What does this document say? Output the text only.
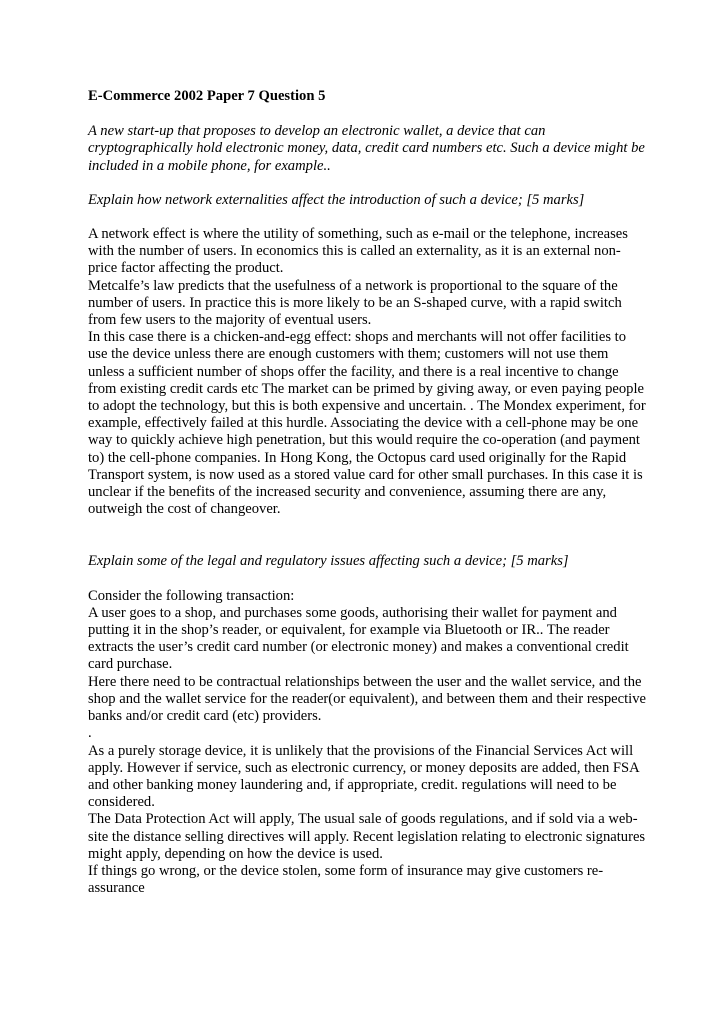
E-Commerce 2002 Paper 7 Question 5

A new start-up that proposes to develop an electronic wallet, a device that can cryptographically hold electronic money, data, credit card numbers etc. Such a device might be included in a mobile phone, for example..

Explain how network externalities affect the introduction of such a device; [5 marks]

A network effect is where the utility of something, such as e-mail or the telephone, increases with the number of users. In economics this is called an externality, as it is an external non-price factor affecting the product.

Metcalfe’s law predicts that the usefulness of a network is proportional to the square of the number of users. In practice this is more likely to be an S-shaped curve, with a rapid switch from few users to the majority of eventual users.

In this case there is a chicken-and-egg effect: shops and merchants will not offer facilities to use the device unless there are enough customers with them; customers will not use them unless a sufficient number of shops offer the facility, and there is a real incentive to change from existing credit cards etc The market can be primed by giving away, or even paying people to adopt the technology, but this is both expensive and uncertain. . The Mondex experiment, for example, effectively failed at this hurdle. Associating the device with a cell-phone may be one way to quickly achieve high penetration, but this would require the co-operation (and payment to) the cell-phone companies. In Hong Kong, the Octopus card used originally for the Rapid Transport system, is now used as a stored value card for other small purchases. In this case it is unclear if the benefits of the increased security and convenience, assuming there are any, outweigh the cost of changeover.

Explain some of the legal and regulatory issues affecting such a device; [5 marks]

Consider the following transaction:

A user goes to a shop, and purchases some goods, authorising their wallet for payment and putting it in the shop’s reader, or equivalent, for example via Bluetooth or IR.. The reader extracts the user’s credit card number (or electronic money) and makes a conventional credit card purchase.

Here there need to be contractual relationships between the user and the wallet service, and the shop and the wallet service for the reader(or equivalent), and between them and their respective banks and/or credit card (etc) providers.

.

As a purely storage device, it is unlikely that the provisions of the Financial Services Act will apply. However if service, such as electronic currency, or money deposits are added, then FSA and other banking money laundering and, if appropriate, credit. regulations will need to be considered.

The Data Protection Act will apply, The usual sale of goods regulations, and if sold via a web-site the distance selling directives will apply. Recent legislation relating to electronic signatures might apply, depending on how the device is used.

If things go wrong, or the device stolen, some form of insurance may give customers re-assurance
